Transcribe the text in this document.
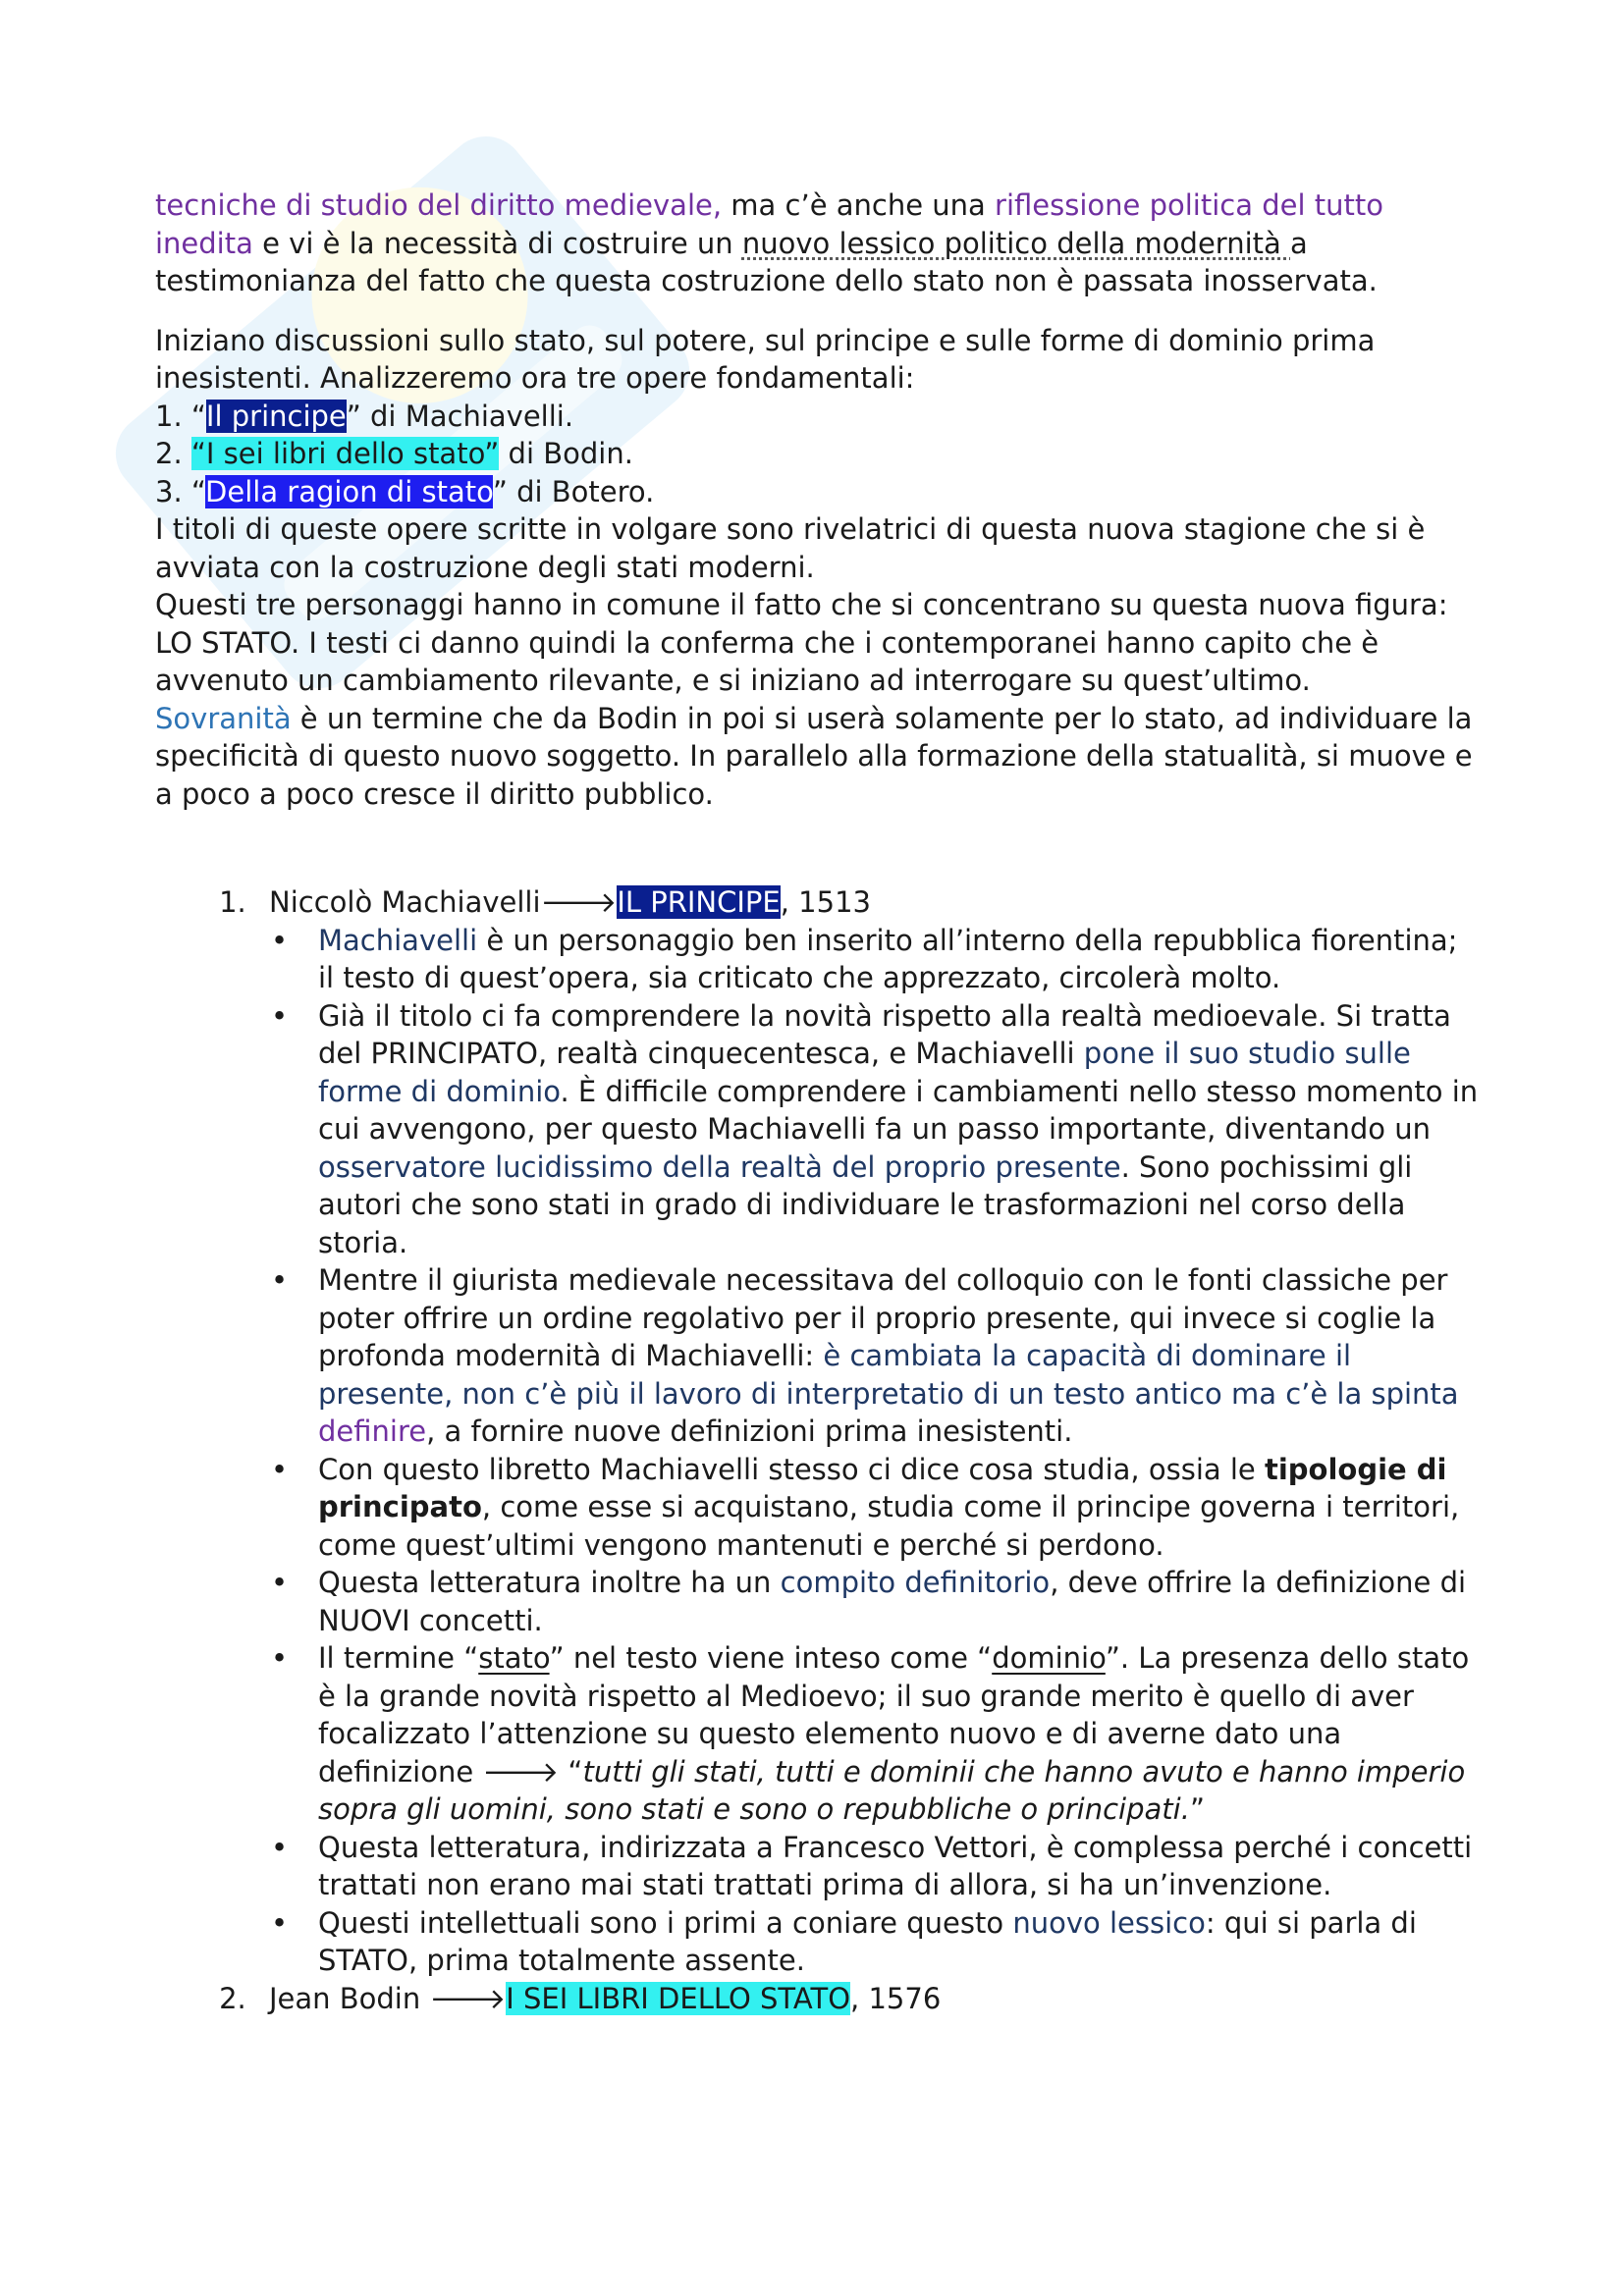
tecniche di studio del diritto medievale, ma c’è anche una riflessione politica del tutto inedita e vi è la necessità di costruire un nuovo lessico politico della modernità a testimonianza del fatto che questa costruzione dello stato non è passata inosservata.

Iniziano discussioni sullo stato, sul potere, sul principe e sulle forme di dominio prima inesistenti. Analizzeremo ora tre opere fondamentali:

1. “Il principe” di Machiavelli.

2. “I sei libri dello stato” di Bodin.

3. “Della ragion di stato” di Botero.

I titoli di queste opere scritte in volgare sono rivelatrici di questa nuova stagione che si è avviata con la costruzione degli stati moderni.

Questi tre personaggi hanno in comune il fatto che si concentrano su questa nuova figura: LO STATO. I testi ci danno quindi la conferma che i contemporanei hanno capito che è avvenuto un cambiamento rilevante, e si iniziano ad interrogare su quest’ultimo.

Sovranità è un termine che da Bodin in poi si userà solamente per lo stato, ad individuare la specificità di questo nuovo soggetto. In parallelo alla formazione della statualità, si muove e a poco a poco cresce il diritto pubblico.

1. Niccolò Machiavelli🡒IL PRINCIPE, 1513
• Machiavelli è un personaggio ben inserito all’interno della repubblica fiorentina; il testo di quest’opera, sia criticato che apprezzato, circolerà molto.
• Già il titolo ci fa comprendere la novità rispetto alla realtà medioevale. Si tratta del PRINCIPATO, realtà cinquecentesca, e Machiavelli pone il suo studio sulle forme di dominio. È difficile comprendere i cambiamenti nello stesso momento in cui avvengono, per questo Machiavelli fa un passo importante, diventando un osservatore lucidissimo della realtà del proprio presente. Sono pochissimi gli autori che sono stati in grado di individuare le trasformazioni nel corso della storia.
• Mentre il giurista medievale necessitava del colloquio con le fonti classiche per poter offrire un ordine regolativo per il proprio presente, qui invece si coglie la profonda modernità di Machiavelli: è cambiata la capacità di dominare il presente, non c’è più il lavoro di interpretatio di un testo antico ma c’è la spinta definire, a fornire nuove definizioni prima inesistenti.
• Con questo libretto Machiavelli stesso ci dice cosa studia, ossia le tipologie di principato, come esse si acquistano, studia come il principe governa i territori, come quest’ultimi vengono mantenuti e perché si perdono.
• Questa letteratura inoltre ha un compito definitorio, deve offrire la definizione di NUOVI concetti.
• Il termine “stato” nel testo viene inteso come “dominio”. La presenza dello stato è la grande novità rispetto al Medioevo; il suo grande merito è quello di aver focalizzato l’attenzione su questo elemento nuovo e di averne dato una definizione 🡒 “tutti gli stati, tutti e dominii che hanno avuto e hanno imperio sopra gli uomini, sono stati e sono o repubbliche o principati.”
• Questa letteratura, indirizzata a Francesco Vettori, è complessa perché i concetti trattati non erano mai stati trattati prima di allora, si ha un’invenzione.
• Questi intellettuali sono i primi a coniare questo nuovo lessico: qui si parla di STATO, prima totalmente assente.
2. Jean Bodin 🡒I SEI LIBRI DELLO STATO, 1576
